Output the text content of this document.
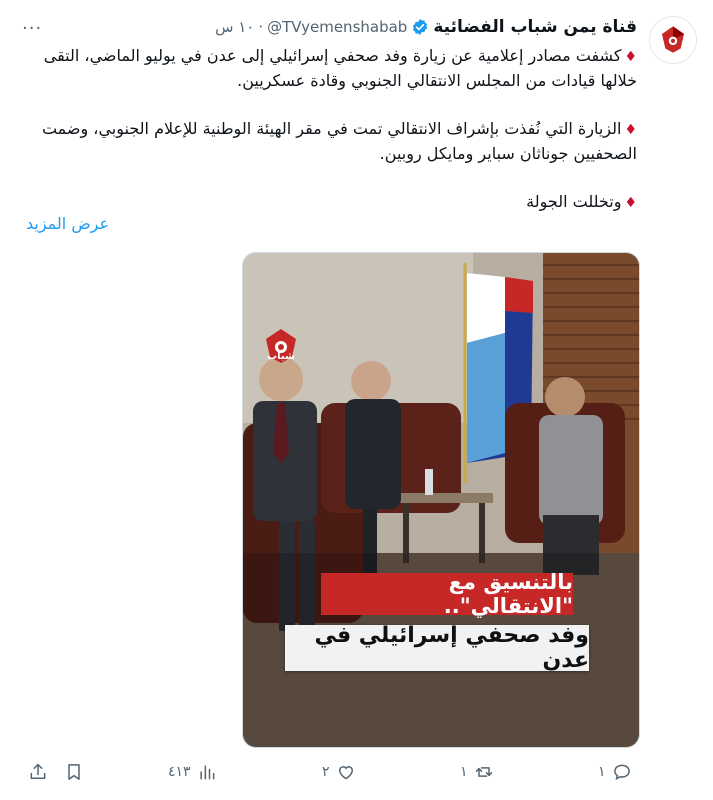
قناة يمن شباب الفضائية
@TVyemenshabab
·
١٠ س
···
♦كشفت مصادر إعلامية عن زيارة وفد صحفي إسرائيلي إلى عدن في يوليو الماضي، التقى خلالها قيادات من المجلس الانتقالي الجنوبي وقادة عسكريين.
♦الزيارة التي نُفذت بإشراف الانتقالي تمت في مقر الهيئة الوطنية للإعلام الجنوبي، وضمت الصحفيين جوناثان سباير ومايكل روبين.
♦وتخللت الجولة
عرض المزيد
شباب
بالتنسيق مع "الانتقالي"..
وفد صحفي إسرائيلي في عدن
١
١
٢
٤١٣
